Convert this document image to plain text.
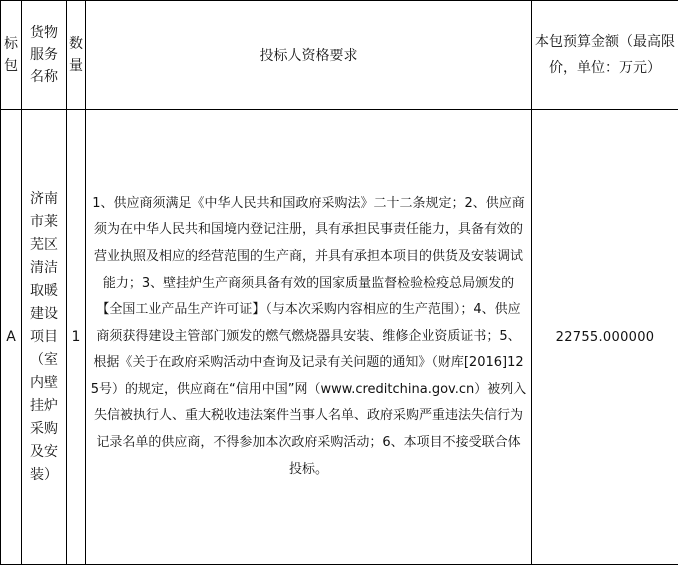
标包	货物服务名称	数量	投标人资格要求	本包预算金额（最高限价，单位：万元）
A	济南市莱芜区清洁取暖建设项目（室内壁挂炉采购及安装）	1	1、供应商须满足《中华人民共和国政府采购法》二十二条规定；2、供应商须为在中华人民共和国境内登记注册，具有承担民事责任能力，具备有效的营业执照及相应的经营范围的生产商，并具有承担本项目的供货及安装调试能力；3、壁挂炉生产商须具备有效的国家质量监督检验检疫总局颁发的【全国工业产品生产许可证】（与本次采购内容相应的生产范围）；4、供应商须获得建设主管部门颁发的燃气燃烧器具安装、维修企业资质证书；5、根据《关于在政府采购活动中查询及记录有关问题的通知》（财库[2016]125号）的规定，供应商在“信用中国”网（www.creditchina.gov.cn）被列入失信被执行人、重大税收违法案件当事人名单、政府采购严重违法失信行为记录名单的供应商，不得参加本次政府采购活动；6、本项目不接受联合体投标。	22755.000000
